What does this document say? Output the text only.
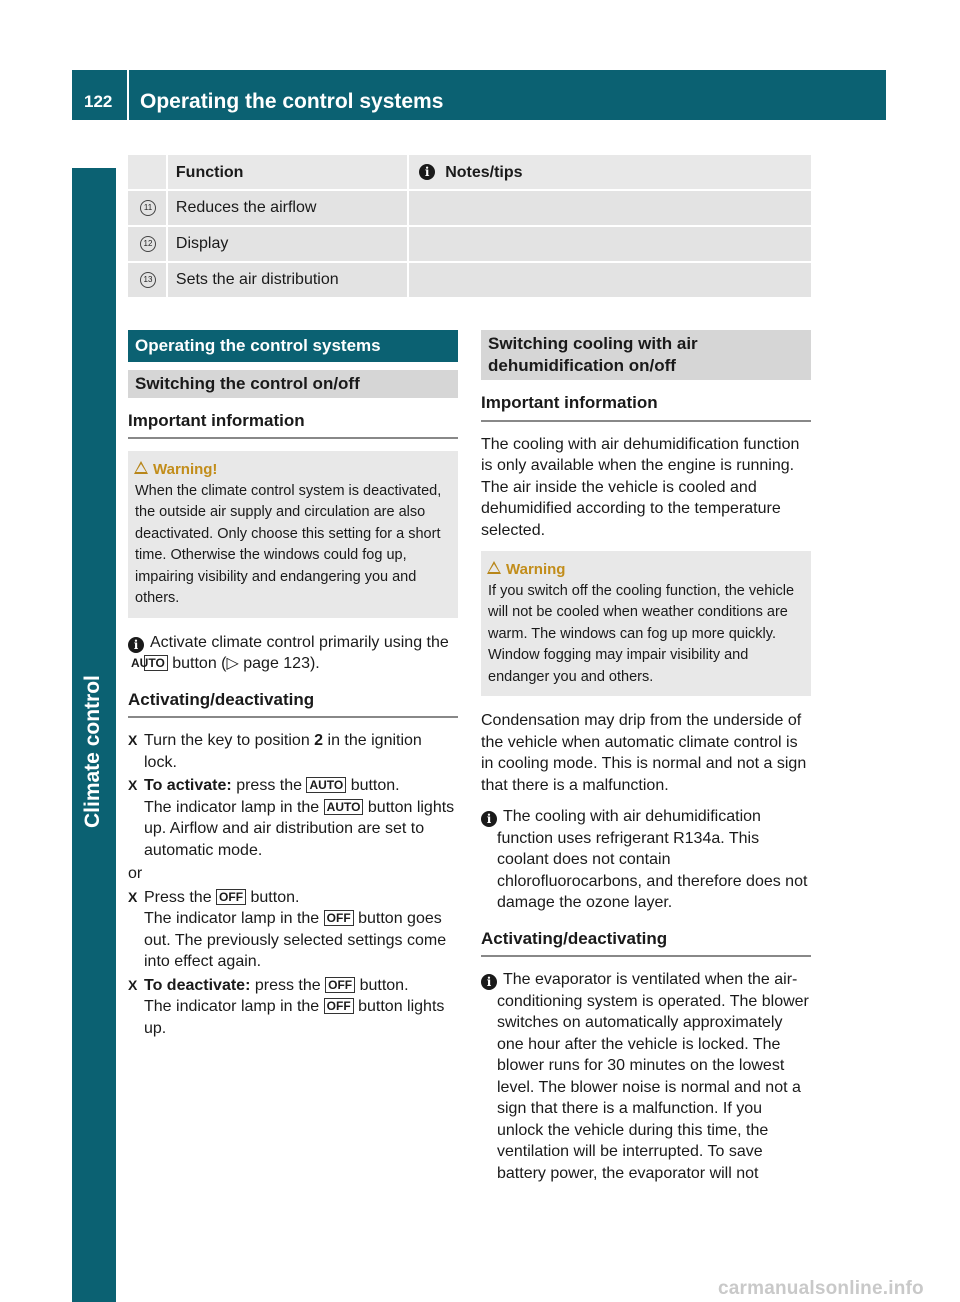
122 Operating the control systems
Climate control
Function	i Notes/tips
11 Reduces the airflow
12 Display
13 Sets the air distribution
Operating the control systems
Switching the control on/off
Important information
Warning!
When the climate control system is deactivated, the outside air supply and circulation are also deactivated. Only choose this setting for a short time. Otherwise the windows could fog up, impairing visibility and endangering you and others.
i Activate climate control primarily using the AUTO button (▷ page 123).
Activating/deactivating
X Turn the key to position 2 in the ignition lock.
X To activate: press the AUTO button.
The indicator lamp in the AUTO button lights up. Airflow and air distribution are set to automatic mode.
or
X Press the OFF button.
The indicator lamp in the OFF button goes out. The previously selected settings come into effect again.
X To deactivate: press the OFF button.
The indicator lamp in the OFF button lights up.
Switching cooling with air dehumidification on/off
Important information

The cooling with air dehumidification function is only available when the engine is running. The air inside the vehicle is cooled and dehumidified according to the temperature selected.

Warning
If you switch off the cooling function, the vehicle will not be cooled when weather conditions are warm. The windows can fog up more quickly. Window fogging may impair visibility and endanger you and others.

Condensation may drip from the underside of the vehicle when automatic climate control is in cooling mode. This is normal and not a sign that there is a malfunction.

i The cooling with air dehumidification function uses refrigerant R134a. This coolant does not contain chlorofluorocarbons, and therefore does not damage the ozone layer.
Activating/deactivating
i The evaporator is ventilated when the air-conditioning system is operated. The blower switches on automatically approximately one hour after the vehicle is locked. The blower runs for 30 minutes on the lowest level. The blower noise is normal and not a sign that there is a malfunction. If you unlock the vehicle during this time, the ventilation will be interrupted. To save battery power, the evaporator will not
carmanualsonline.info
